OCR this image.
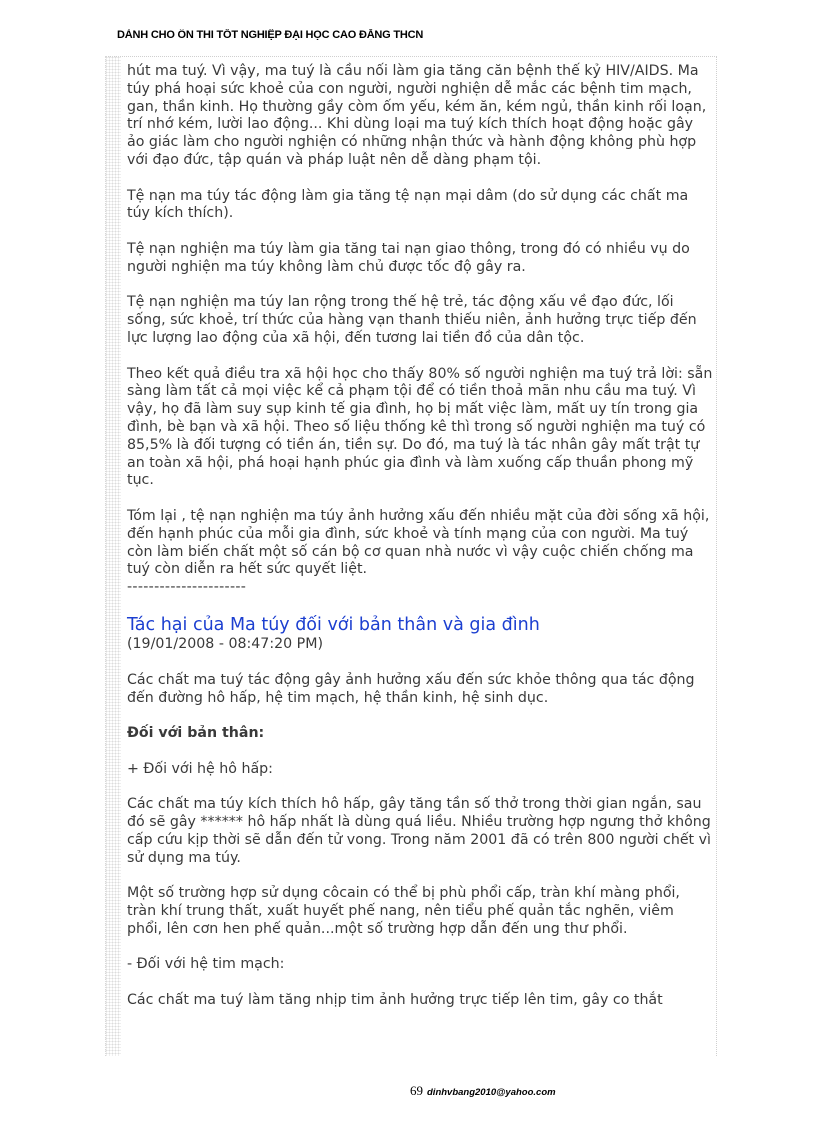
DÀNH CHO ÔN THI TỐT NGHIỆP ĐẠI HỌC CAO ĐẲNG THCN

hút ma tuý. Vì vậy, ma tuý là cầu nối làm gia tăng căn bệnh thế kỷ HIV/AIDS. Ma túy phá hoại sức khoẻ của con người, người nghiện dễ mắc các bệnh tim mạch, gan, thần kinh. Họ thường gầy còm ốm yếu, kém ăn, kém ngủ, thần kinh rối loạn, trí nhớ kém, lười lao động... Khi dùng loại ma tuý kích thích hoạt động hoặc gây ảo giác làm cho người nghiện có những nhận thức và hành động không phù hợp với đạo đức, tập quán và pháp luật nên dễ dàng phạm tội.

Tệ nạn ma túy tác động làm gia tăng tệ nạn mại dâm (do sử dụng các chất ma túy kích thích).

Tệ nạn nghiện ma túy làm gia tăng tai nạn giao thông, trong đó có nhiều vụ do người nghiện ma túy không làm chủ được tốc độ gây ra.

Tệ nạn nghiện ma túy lan rộng trong thế hệ trẻ, tác động xấu về đạo đức, lối sống, sức khoẻ, trí thức của hàng vạn thanh thiếu niên, ảnh hưởng trực tiếp đến lực lượng lao động của xã hội, đến tương lai tiền đồ của dân tộc.

Theo kết quả điều tra xã hội học cho thấy 80% số người nghiện ma tuý trả lời: sẵn sàng làm tất cả mọi việc kể cả phạm tội để có tiền thoả mãn nhu cầu ma tuý. Vì vậy, họ đã làm suy sụp kinh tế gia đình, họ bị mất việc làm, mất uy tín trong gia đình, bè bạn và xã hội. Theo số liệu thống kê thì trong số người nghiện ma tuý có 85,5% là đối tượng có tiền án, tiền sự. Do đó, ma tuý là tác nhân gây mất trật tự an toàn xã hội, phá hoại hạnh phúc gia đình và làm xuống cấp thuần phong mỹ tục.

Tóm lại , tệ nạn nghiện ma túy ảnh hưởng xấu đến nhiều mặt của đời sống xã hội, đến hạnh phúc của mỗi gia đình, sức khoẻ và tính mạng của con người. Ma tuý còn làm biến chất một số cán bộ cơ quan nhà nước vì vậy cuộc chiến chống ma tuý còn diễn ra hết sức quyết liệt.

----------------------
Tác hại của Ma túy đối với bản thân và gia đình
(19/01/2008 - 08:47:20 PM)

Các chất ma tuý tác động gây ảnh hưởng xấu đến sức khỏe thông qua tác động đến đường hô hấp, hệ tim mạch, hệ thần kinh, hệ sinh dục.

Đối với bản thân:

+ Đối với hệ hô hấp:

Các chất ma túy kích thích hô hấp, gây tăng tần số thở trong thời gian ngắn, sau đó sẽ gây ****** hô hấp nhất là dùng quá liều. Nhiều trường hợp ngưng thở không cấp cứu kịp thời sẽ dẫn đến tử vong. Trong năm 2001 đã có trên 800 người chết vì sử dụng ma túy.

Một số trường hợp sử dụng côcain có thể bị phù phổi cấp, tràn khí màng phổi, tràn khí trung thất, xuất huyết phế nang, nên tiểu phế quản tắc nghẽn, viêm phổi, lên cơn hen phế quản...một số trường hợp dẫn đến ung thư phổi.

- Đối với hệ tim mạch:

Các chất ma tuý làm tăng nhịp tim ảnh hưởng trực tiếp lên tim, gây co thắt

69 dinhvbang2010@yahoo.com
